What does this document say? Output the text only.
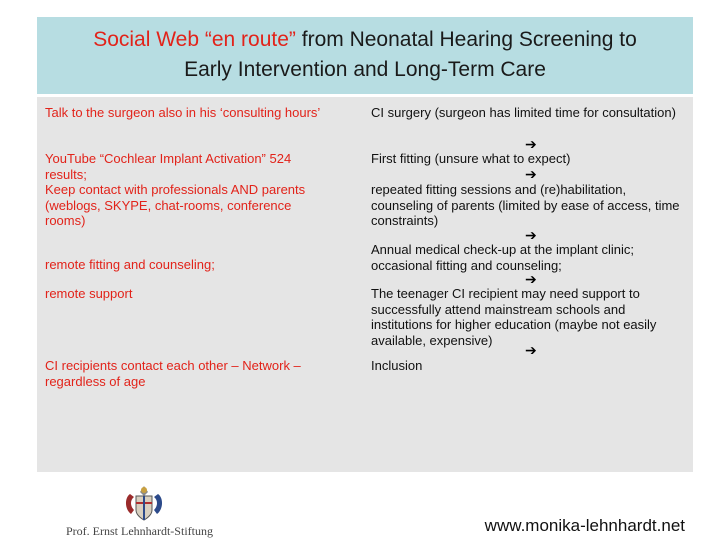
Social Web “en route” from Neonatal Hearing Screening to
Early Intervention and Long-Term Care
Talk to the surgeon also in his ‘consulting hours’
YouTube “Cochlear Implant Activation” 524 results;
Keep contact with professionals AND parents (weblogs, SKYPE, chat-rooms, conference rooms)
remote fitting and counseling;
remote support
CI recipients contact each other – Network – regardless of age
CI surgery (surgeon has limited time for consultation)
➔
First fitting (unsure what to expect)
➔
repeated fitting sessions and (re)habilitation, counseling of parents (limited by ease of access, time constraints)
➔
Annual medical check-up at the implant clinic; occasional fitting and counseling;
➔
The teenager CI recipient may need support to successfully attend mainstream schools and institutions for higher education (maybe not easily available, expensive)
➔
Inclusion
Prof. Ernst Lehnhardt-Stiftung	www.monika-lehnhardt.net
